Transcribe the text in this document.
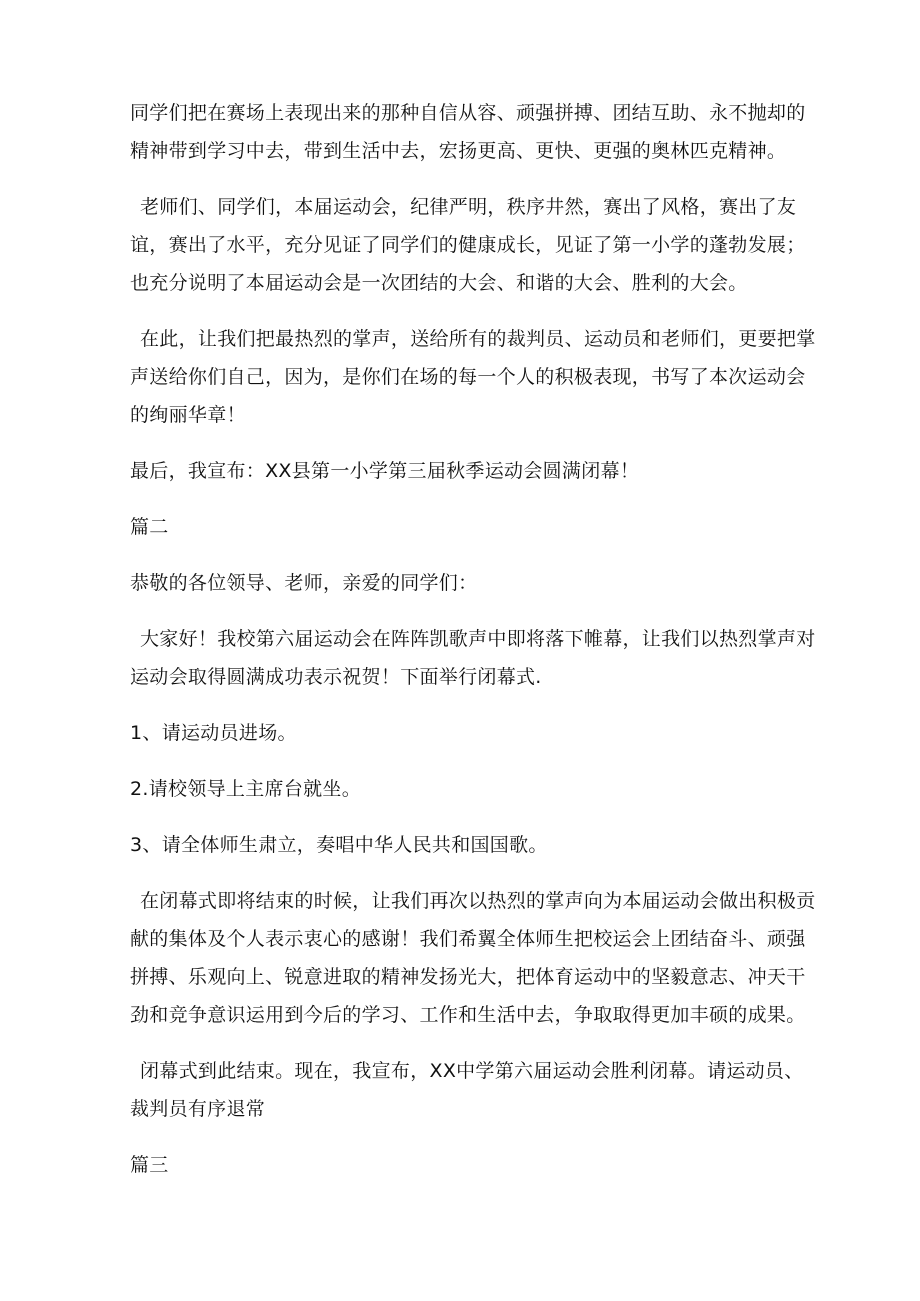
同学们把在赛场上表现出来的那种自信从容、顽强拼搏、团结互助、永不抛却的精神带到学习中去，带到生活中去，宏扬更高、更快、更强的奥林匹克精神。

老师们、同学们，本届运动会，纪律严明，秩序井然，赛出了风格，赛出了友谊，赛出了水平，充分见证了同学们的健康成长，见证了第一小学的蓬勃发展；也充分说明了本届运动会是一次团结的大会、和谐的大会、胜利的大会。

在此，让我们把最热烈的掌声，送给所有的裁判员、运动员和老师们，更要把掌声送给你们自己，因为，是你们在场的每一个人的积极表现，书写了本次运动会的绚丽华章！

最后，我宣布：XX县第一小学第三届秋季运动会圆满闭幕！

篇二

恭敬的各位领导、老师，亲爱的同学们：

大家好！我校第六届运动会在阵阵凯歌声中即将落下帷幕，让我们以热烈掌声对运动会取得圆满成功表示祝贺！下面举行闭幕式.

1、请运动员进场。

2.请校领导上主席台就坐。

3、请全体师生肃立，奏唱中华人民共和国国歌。

在闭幕式即将结束的时候，让我们再次以热烈的掌声向为本届运动会做出积极贡献的集体及个人表示衷心的感谢！我们希翼全体师生把校运会上团结奋斗、顽强拼搏、乐观向上、锐意进取的精神发扬光大，把体育运动中的坚毅意志、冲天干劲和竞争意识运用到今后的学习、工作和生活中去，争取取得更加丰硕的成果。

闭幕式到此结束。现在，我宣布，XX中学第六届运动会胜利闭幕。请运动员、裁判员有序退常

篇三
